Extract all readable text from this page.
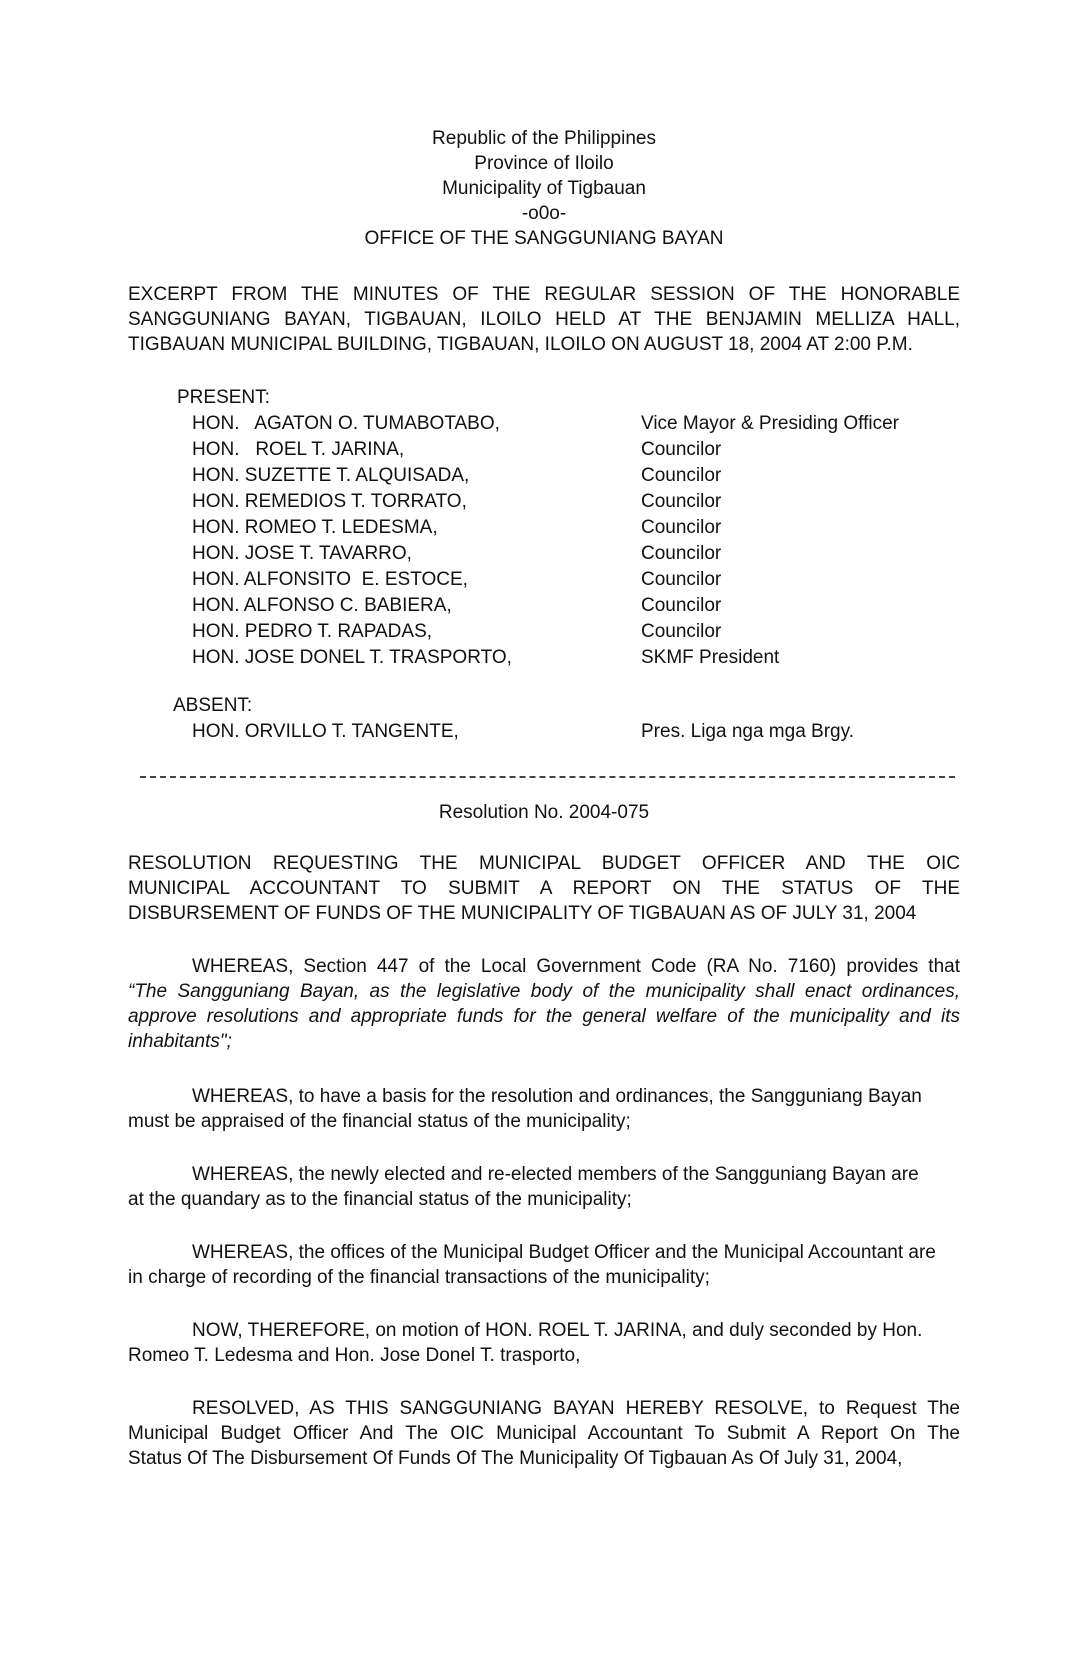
Republic of the Philippines
Province of Iloilo
Municipality of Tigbauan
-o0o-
OFFICE OF THE SANGGUNIANG BAYAN
EXCERPT FROM THE MINUTES OF THE REGULAR SESSION OF THE HONORABLE
SANGGUNIANG BAYAN, TIGBAUAN, ILOILO HELD AT THE BENJAMIN MELLIZA HALL,
TIGBAUAN MUNICIPAL BUILDING, TIGBAUAN, ILOILO ON AUGUST 18, 2004 AT 2:00 P.M.
PRESENT:
HON.   AGATON O. TUMABOTABO,	Vice Mayor & Presiding Officer
HON.   ROEL T. JARINA,	Councilor
HON. SUZETTE T. ALQUISADA,	Councilor
HON. REMEDIOS T. TORRATO,	Councilor
HON. ROMEO T. LEDESMA,	Councilor
HON. JOSE T. TAVARRO,	Councilor
HON. ALFONSITO  E. ESTOCE,	Councilor
HON. ALFONSO C. BABIERA,	Councilor
HON. PEDRO T. RAPADAS,	Councilor
HON. JOSE DONEL T. TRASPORTO,	SKMF President
ABSENT:
HON. ORVILLO T. TANGENTE,	Pres. Liga nga mga Brgy.
Resolution No. 2004-075
RESOLUTION REQUESTING THE MUNICIPAL BUDGET OFFICER AND THE OIC
MUNICIPAL ACCOUNTANT TO SUBMIT A REPORT ON THE STATUS OF THE
DISBURSEMENT OF FUNDS OF THE MUNICIPALITY OF TIGBAUAN AS OF JULY 31, 2004
WHEREAS, Section 447 of the Local Government Code (RA No. 7160) provides that
“The Sangguniang Bayan, as the legislative body of the municipality shall enact ordinances,
approve resolutions and appropriate funds for the general welfare of the municipality and its
inhabitants";
WHEREAS, to have a basis for the resolution and ordinances, the Sangguniang Bayan
must be appraised of the financial status of the municipality;
WHEREAS, the newly elected and re-elected members of the Sangguniang Bayan are
at the quandary as to the financial status of the municipality;
WHEREAS, the offices of the Municipal Budget Officer and the Municipal Accountant are
in charge of recording of the financial transactions of the municipality;
NOW, THEREFORE, on motion of HON. ROEL T. JARINA, and duly seconded by Hon.
Romeo T. Ledesma and Hon. Jose Donel T. trasporto,
RESOLVED, AS THIS SANGGUNIANG BAYAN HEREBY RESOLVE, to Request The
Municipal Budget Officer And The OIC Municipal Accountant To Submit A Report On The
Status Of The Disbursement Of Funds Of The Municipality Of Tigbauan As Of July 31, 2004,
